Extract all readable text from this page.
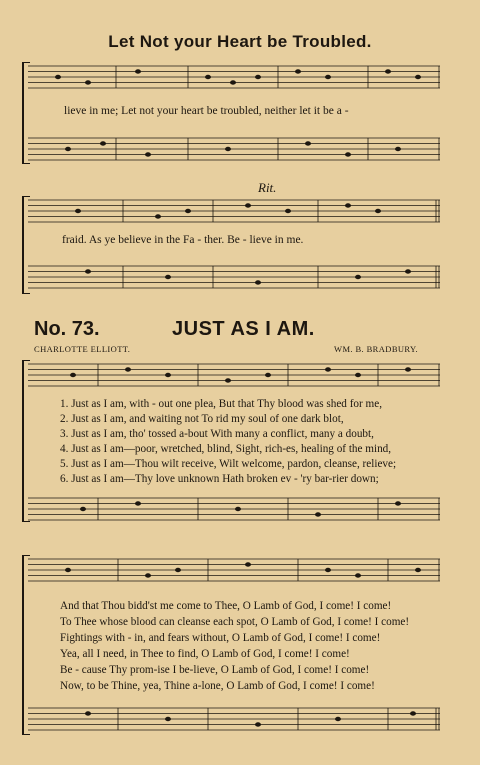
Let Not your Heart be Troubled.
lieve in me; Let not your heart be troubled, neither let it be a -
Rit.
fraid. As ye believe in the Fa - ther. Be - lieve in me.
No. 73.	JUST AS I AM.
CHARLOTTE ELLIOTT.	WM. B. BRADBURY.
1. Just as I am, with - out one plea, But that Thy blood was shed for me,
2. Just as I am, and waiting not To rid my soul of one dark blot,
3. Just as I am, tho' tossed a-bout With many a conflict, many a doubt,
4. Just as I am—poor, wretched, blind, Sight, rich-es, healing of the mind,
5. Just as I am—Thou wilt receive, Wilt welcome, pardon, cleanse, relieve;
6. Just as I am—Thy love unknown Hath broken ev - 'ry bar-rier down;
And that Thou bidd'st me come to Thee, O Lamb of God, I come! I come!
To Thee whose blood can cleanse each spot, O Lamb of God, I come! I come!
Fightings with - in, and fears without, O Lamb of God, I come! I come!
Yea, all I need, in Thee to find, O Lamb of God, I come! I come!
Be - cause Thy prom-ise I be-lieve, O Lamb of God, I come! I come!
Now, to be Thine, yea, Thine a-lone, O Lamb of God, I come! I come!
